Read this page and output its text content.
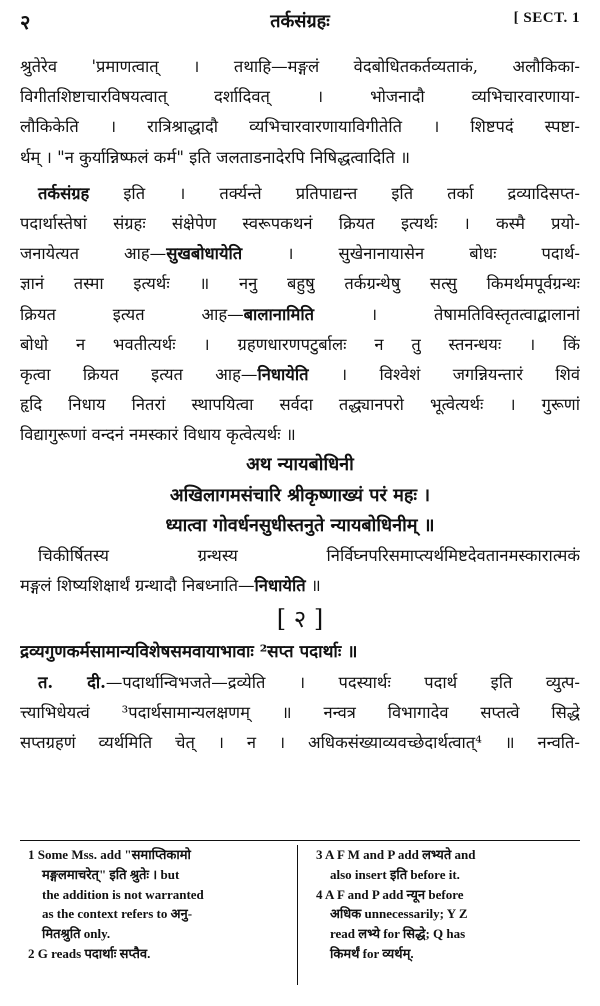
२	तर्कसंग्रहः	[ SECT. 1
श्रुतेरेव 'प्रमाणत्वात् । तथाहि—मङ्गलं वेदबोधितकर्तव्यताकं, अलौकिका-
विगीतशिष्टाचारविषयत्वात् दर्शादिवत् । भोजनादौ व्यभिचारवारणाया-
लौकिकेति । रात्रिश्राद्धादौ व्यभिचारवारणायाविगीतेति । शिष्टपदं स्पष्टा-
र्थम् । "न कुर्यान्निष्फलं कर्म" इति जलताडनादेरपि निषिद्धत्वादिति ॥
तर्कसंग्रह इति । तर्क्यन्ते प्रतिपाद्यन्त इति तर्का द्रव्यादिसप्त-
पदार्थास्तेषां संग्रहः संक्षेपेण स्वरूपकथनं क्रियत इत्यर्थः । कस्मै प्रयो-
जनायेत्यत आह—सुखबोधायेति । सुखेनानायासेन बोधः पदार्थ-
ज्ञानं तस्मा इत्यर्थः ॥ ननु बहुषु तर्कग्रन्थेषु सत्सु किमर्थमपूर्वग्रन्थः
क्रियत इत्यत आह—बालानामिति । तेषामतिविस्तृतत्वाद्बालानां
बोधो न भवतीत्यर्थः । ग्रहणधारणपटुर्बालः न तु स्तनन्धयः । किं
कृत्वा क्रियत इत्यत आह—निधायेति । विश्वेशं जगन्नियन्तारं शिवं
हृदि निधाय नितरां स्थापयित्वा सर्वदा तद्ध्यानपरो भूत्वेत्यर्थः । गुरूणां
विद्यागुरूणां वन्दनं नमस्कारं विधाय कृत्वेत्यर्थः ॥
अथ न्यायबोधिनी
अखिलागमसंचारि श्रीकृष्णाख्यं परं महः ।
ध्यात्वा गोवर्धनसुधीस्तनुते न्यायबोधिनीम् ॥
चिकीर्षितस्य ग्रन्थस्य निर्विघ्नपरिसमाप्त्यर्थमिष्टदेवतानमस्कारात्मकं
मङ्गलं शिष्यशिक्षार्थं ग्रन्थादौ निबध्नाति—निधायेति ॥
[ २ ]
द्रव्यगुणकर्मसामान्यविशेषसमवायाभावाः ²सप्त पदार्थाः ॥
त. दी.—पदार्थान्विभजते—द्रव्येति । पदस्यार्थः पदार्थ इति व्युत्प-
त्त्याभिधेयत्वं ³पदार्थसामान्यलक्षणम् ॥ नन्वत्र विभागादेव सप्तत्वे सिद्धे
सप्तग्रहणं व्यर्थमिति चेत् । न । अधिकसंख्याव्यवच्छेदार्थत्वात्⁴ ॥ नन्वति-
1 Some Mss. add "समाप्तिकामो
मङ्गलमाचरेत्" इति श्रुतेः । but
the addition is not warranted
as the context refers to अनु-
मितश्रुति only.
2 G reads पदार्थाः सप्तैव.
3 A F M and P add लभ्यते and
also insert इति before it.
4 A F and P add न्यून before
अधिक unnecessarily; Y Z
read लभ्ये for सिद्धे; Q has
किमर्थं for व्यर्थम्.
